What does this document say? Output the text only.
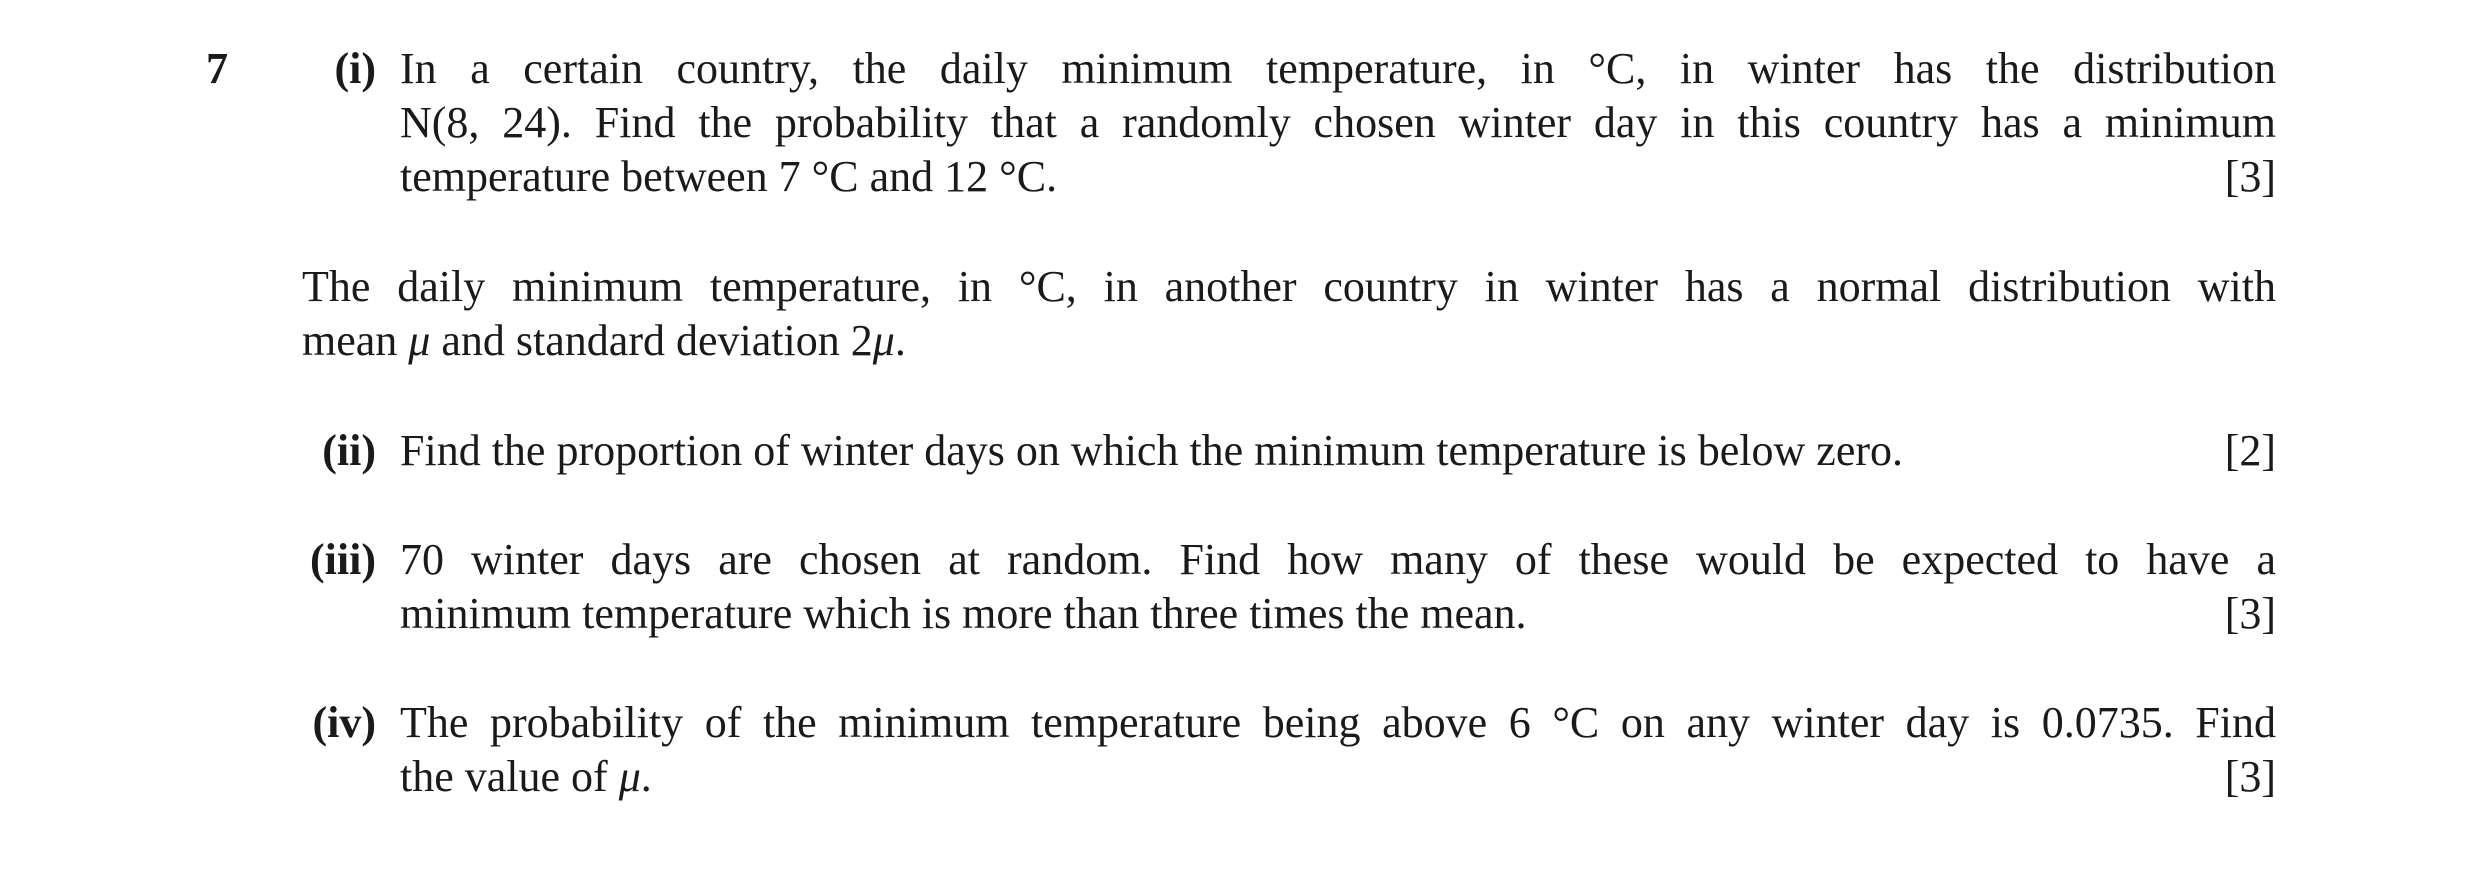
7	(i) In a certain country, the daily minimum temperature, in °C, in winter has the distribution
N(8, 24). Find the probability that a randomly chosen winter day in this country has a minimum
temperature between 7 °C and 12 °C.	[3]
The daily minimum temperature, in °C, in another country in winter has a normal distribution with
mean μ and standard deviation 2μ.
(ii) Find the proportion of winter days on which the minimum temperature is below zero.	[2]
(iii) 70 winter days are chosen at random. Find how many of these would be expected to have a
minimum temperature which is more than three times the mean.	[3]
(iv) The probability of the minimum temperature being above 6 °C on any winter day is 0.0735. Find
the value of μ.	[3]
